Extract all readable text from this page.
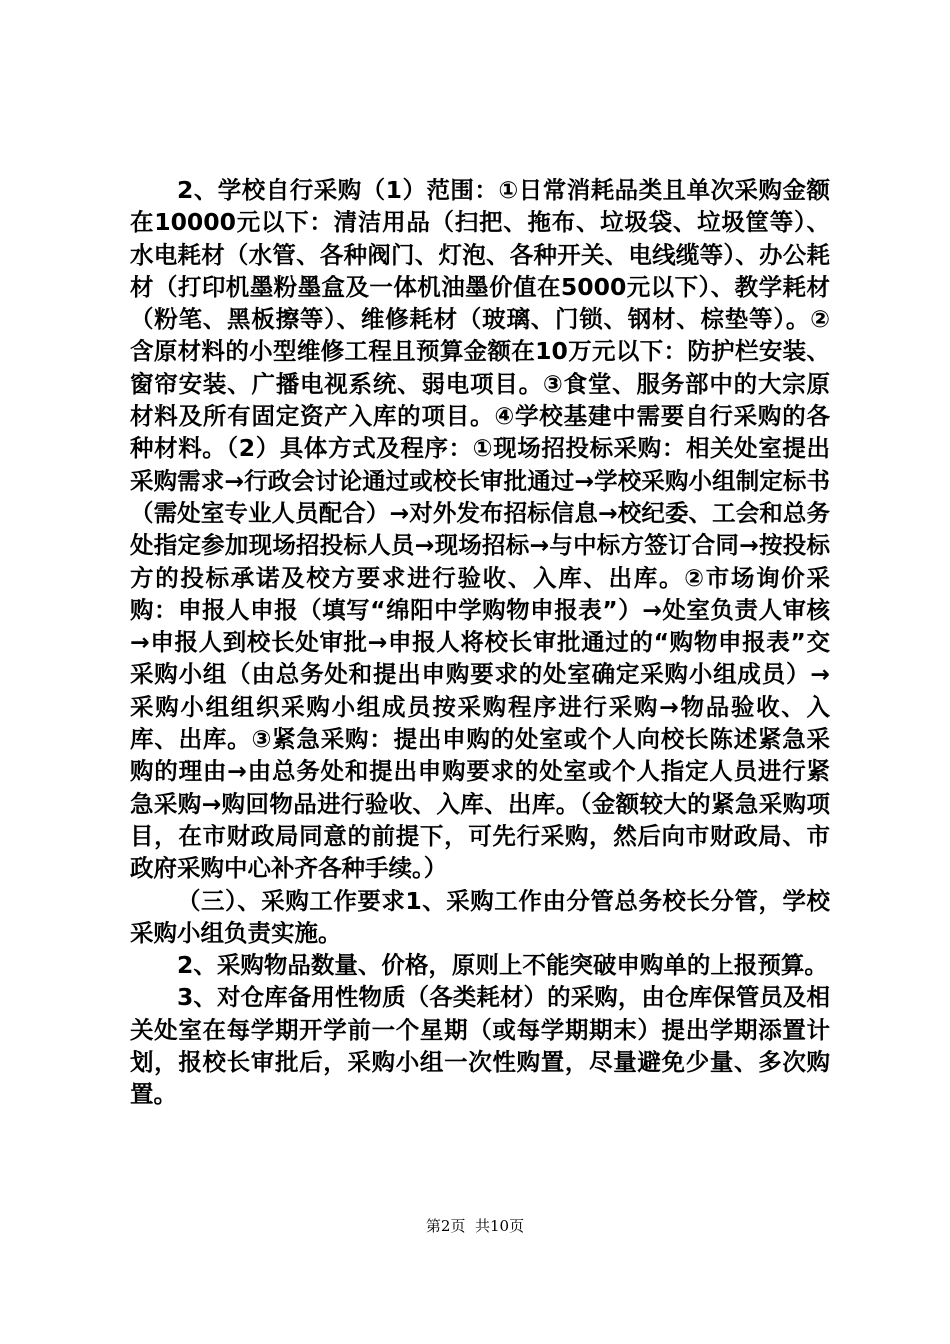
2、学校自行采购（1）范围：①日常消耗品类且单次采购金额在10000元以下：清洁用品（扫把、拖布、垃圾袋、垃圾筐等）、水电耗材（水管、各种阀门、灯泡、各种开关、电线缆等）、办公耗材（打印机墨粉墨盒及一体机油墨价值在5000元以下）、教学耗材（粉笔、黑板擦等）、维修耗材（玻璃、门锁、钢材、棕垫等）。②含原材料的小型维修工程且预算金额在10万元以下：防护栏安装、窗帘安装、广播电视系统、弱电项目。③食堂、服务部中的大宗原材料及所有固定资产入库的项目。④学校基建中需要自行采购的各种材料。（2）具体方式及程序：①现场招投标采购：相关处室提出采购需求→行政会讨论通过或校长审批通过→学校采购小组制定标书（需处室专业人员配合）→对外发布招标信息→校纪委、工会和总务处指定参加现场招投标人员→现场招标→与中标方签订合同→按投标方的投标承诺及校方要求进行验收、入库、出库。②市场询价采购：申报人申报（填写“绵阳中学购物申报表”）→处室负责人审核→申报人到校长处审批→申报人将校长审批通过的“购物申报表”交采购小组（由总务处和提出申购要求的处室确定采购小组成员）→采购小组组织采购小组成员按采购程序进行采购→物品验收、入库、出库。③紧急采购：提出申购的处室或个人向校长陈述紧急采购的理由→由总务处和提出申购要求的处室或个人指定人员进行紧急采购→购回物品进行验收、入库、出库。（金额较大的紧急采购项目，在市财政局同意的前提下，可先行采购，然后向市财政局、市政府采购中心补齐各种手续。）

（三）、采购工作要求1、采购工作由分管总务校长分管，学校采购小组负责实施。

2、采购物品数量、价格，原则上不能突破申购单的上报预算。

3、对仓库备用性物质（各类耗材）的采购，由仓库保管员及相关处室在每学期开学前一个星期（或每学期期末）提出学期添置计划，报校长审批后，采购小组一次性购置，尽量避免少量、多次购置。

第2页  共10页
